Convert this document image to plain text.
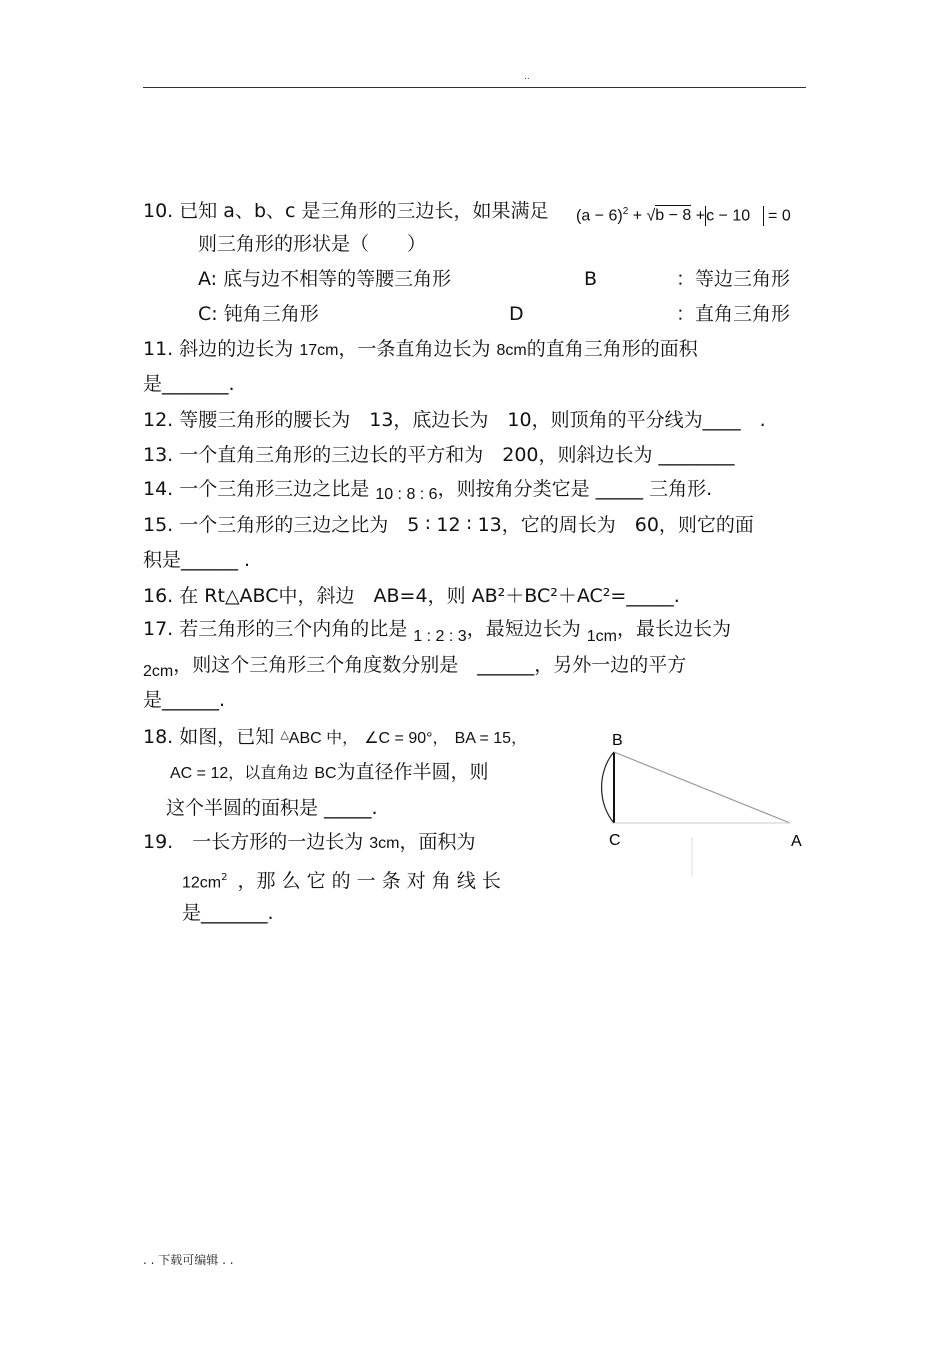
..
10. 已知 a、b、c 是三角形的三边长，如果满足 $(a - 6)^2 + √b - 8 +c - 10 = 0$
则三角形的形状是（　　）
A: 底与边不相等的等腰三角形	B	：等边三角形
C: 钝角三角形	D	：直角三角形
11. 斜边的边长为 17cm，一条直角边长为 8cm的直角三角形的面积
是_______.
12. 等腰三角形的腰长为　13，底边长为　10，则顶角的平分线为____　.
13. 一个直角三角形的三边长的平方和为　200，则斜边长为 ________
14. 一个三角形三边之比是 $_{10 : 8 : 6}$，则按角分类它是 _____ 三角形.
15. 一个三角形的三边之比为　5 ∶ 12 ∶ 13，它的周长为　60，则它的面
积是______ .
16. 在 Rt△ABC中，斜边　AB=4，则 AB²＋BC²＋AC²=_____.
17. 若三角形的三个内角的比是 $_{1 : 2 : 3}$，最短边长为 $_{1cm}$，最长边长为
$_{2cm}$，则这个三角形三个角度数分别是　______，另外一边的平方
是______.
18. 如图，已知 △ABC 中， ∠C = 90°， BA = 15，
AC = 12，以直角边 BC为直径作半圆，则
这个半圆的面积是 _____.
B
C	A
19.　一长方形的一边长为 3cm，面积为
$12cm^2$ ，那 么 它 的 一 条 对 角 线 长
是_______.
. . 下载可编辑 . .
